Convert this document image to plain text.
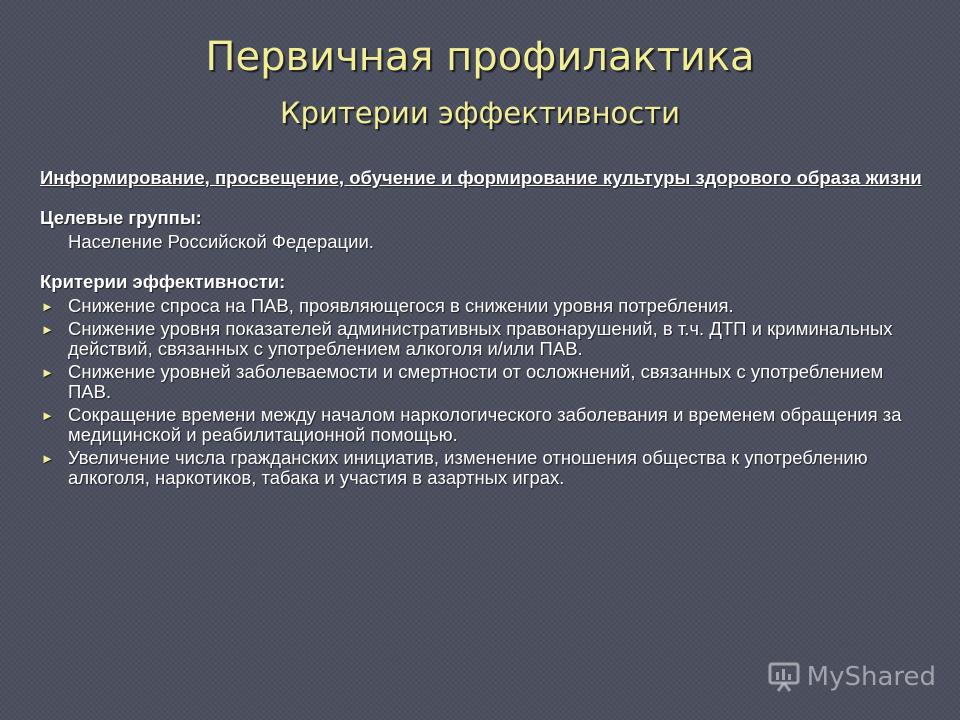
Первичная профилактика
Критерии эффективности

Информирование, просвещение, обучение и формирование культуры здорового образа жизни

Целевые группы:

Население Российской Федерации.

Критерии эффективности:

► Снижение спроса на ПАВ, проявляющегося в снижении уровня потребления.
► Снижение уровня показателей административных правонарушений, в т.ч. ДТП и криминальных действий, связанных с употреблением алкоголя и/или ПАВ.
► Снижение уровней заболеваемости и смертности от осложнений, связанных с употреблением ПАВ.
► Сокращение времени между началом наркологического заболевания и временем обращения за медицинской и реабилитационной помощью.
► Увеличение числа гражданских инициатив, изменение отношения общества к употреблению алкоголя, наркотиков, табака и участия в азартных играх.
MyShared
